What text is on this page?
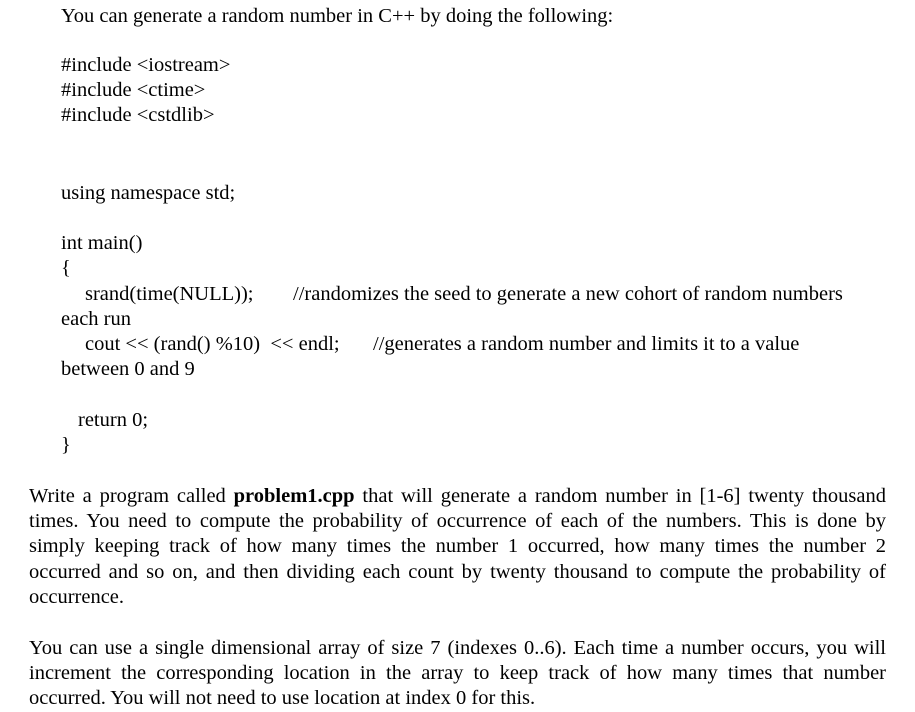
You can generate a random number in C++ by doing the following:
#include <iostream>
#include <ctime>
#include <cstdlib>
using namespace std;
int main()
{
srand(time(NULL)); //randomizes the seed to generate a new cohort of random numbers
each run
cout << (rand() %10)  << endl; //generates a random number and limits it to a value
between 0 and 9
return 0;
}

Write a program called problem1.cpp that will generate a random number in [1-6] twenty thousand times. You need to compute the probability of occurrence of each of the numbers. This is done by simply keeping track of how many times the number 1 occurred, how many times the number 2 occurred and so on, and then dividing each count by twenty thousand to compute the probability of occurrence.

You can use a single dimensional array of size 7 (indexes 0..6). Each time a number occurs, you will increment the corresponding location in the array to keep track of how many times that number occurred. You will not need to use location at index 0 for this.
